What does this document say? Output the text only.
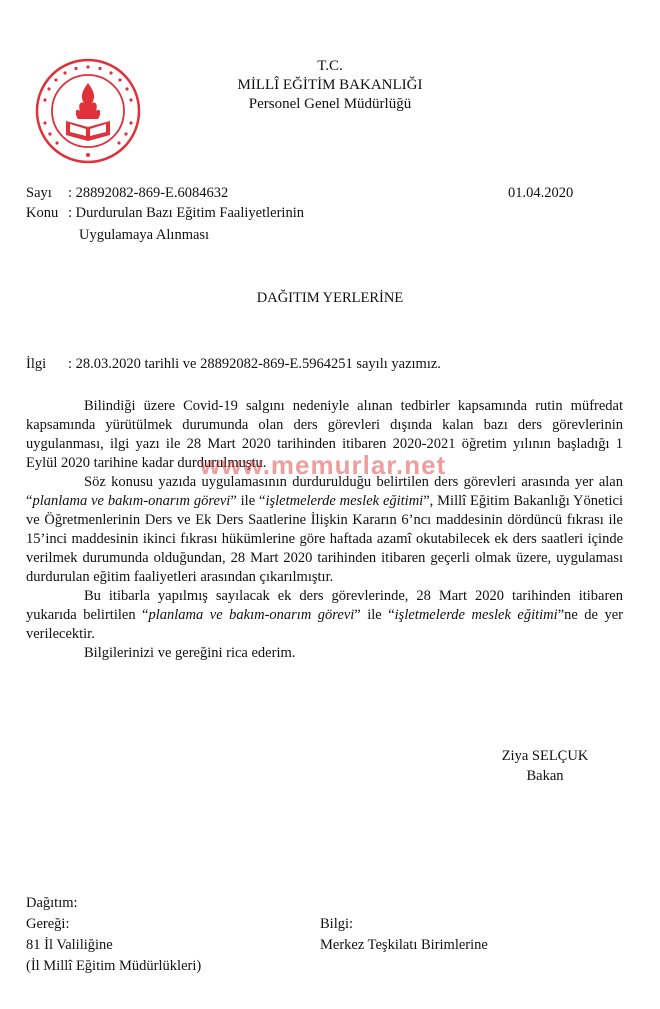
T.C.
MİLLÎ EĞİTİM BAKANLIĞI
Personel Genel Müdürlüğü
Sayı : 28892082-869-E.6084632	01.04.2020
Konu : Durdurulan Bazı Eğitim Faaliyetlerinin
Uygulamaya Alınması
DAĞITIM YERLERİNE
İlgi : 28.03.2020 tarihli ve 28892082-869-E.5964251 sayılı yazımız.

Bilindiği üzere Covid-19 salgını nedeniyle alınan tedbirler kapsamında rutin müfredat kapsamında yürütülmek durumunda olan ders görevleri dışında kalan bazı ders görevlerinin uygulanması, ilgi yazı ile 28 Mart 2020 tarihinden itibaren 2020-2021 öğretim yılının başladığı 1 Eylül 2020 tarihine kadar durdurulmuştu.

Söz konusu yazıda uygulamasının durdurulduğu belirtilen ders görevleri arasında yer alan “planlama ve bakım-onarım görevi” ile “işletmelerde meslek eğitimi”, Millî Eğitim Bakanlığı Yönetici ve Öğretmenlerinin Ders ve Ek Ders Saatlerine İlişkin Kararın 6’ncı maddesinin dördüncü fıkrası ile 15’inci maddesinin ikinci fıkrası hükümlerine göre haftada azamî okutabilecek ek ders saatleri içinde verilmek durumunda olduğundan, 28 Mart 2020 tarihinden itibaren geçerli olmak üzere, uygulaması durdurulan eğitim faaliyetleri arasından çıkarılmıştır.

Bu itibarla yapılmış sayılacak ek ders görevlerinde, 28 Mart 2020 tarihinden itibaren yukarıda belirtilen “planlama ve bakım-onarım görevi” ile “işletmelerde meslek eğitimi”ne de yer verilecektir.

Bilgilerinizi ve gereğini rica ederim.

www.memurlar.net
Ziya SELÇUK
Bakan
Dağıtım:
Gereği:
81 İl Valiliğine
(İl Millî Eğitim Müdürlükleri)
Bilgi:
Merkez Teşkilatı Birimlerine
